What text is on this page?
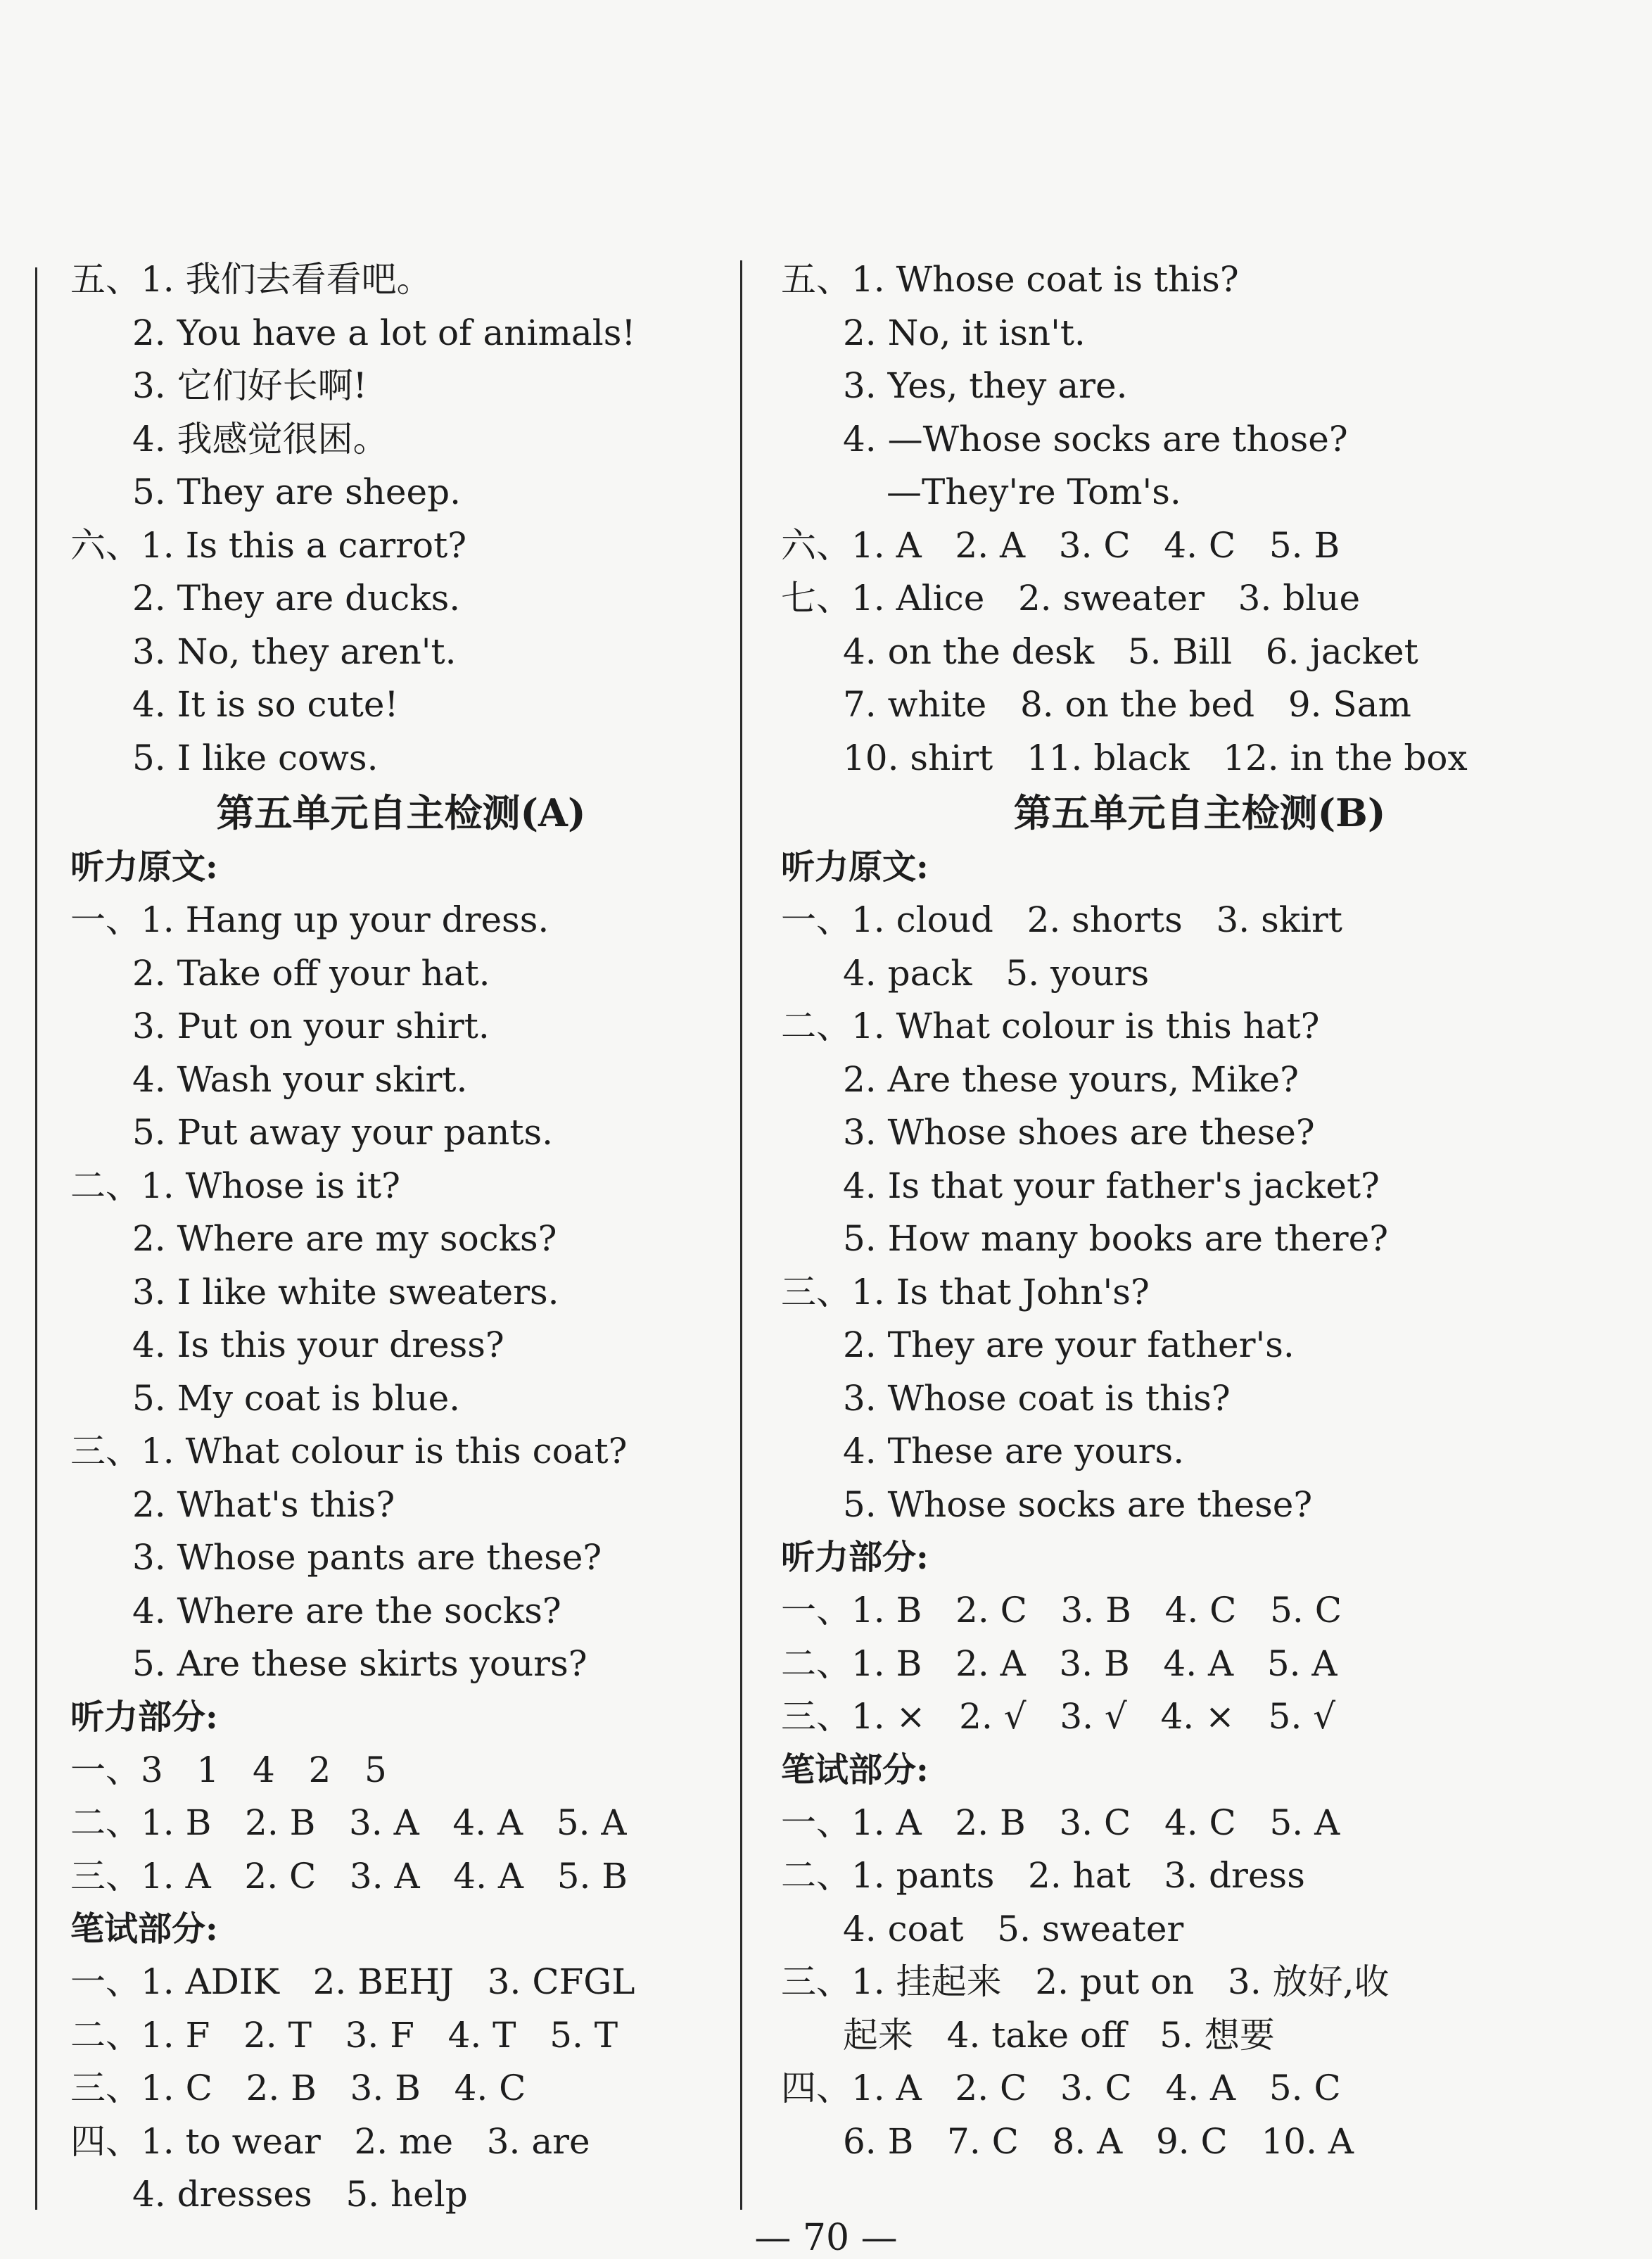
五、1. 我们去看看吧。
2. You have a lot of animals!
3. 它们好长啊!
4. 我感觉很困。
5. They are sheep.
六、1. Is this a carrot?
2. They are ducks.
3. No, they aren't.
4. It is so cute!
5. I like cows.
第五单元自主检测(A)
听力原文:
一、1. Hang up your dress.
2. Take off your hat.
3. Put on your shirt.
4. Wash your skirt.
5. Put away your pants.
二、1. Whose is it?
2. Where are my socks?
3. I like white sweaters.
4. Is this your dress?
5. My coat is blue.
三、1. What colour is this coat?
2. What's this?
3. Whose pants are these?
4. Where are the socks?
5. Are these skirts yours?
听力部分:
一、3   1   4   2   5
二、1. B   2. B   3. A   4. A   5. A
三、1. A   2. C   3. A   4. A   5. B
笔试部分:
一、1. ADIK   2. BEHJ   3. CFGL
二、1. F   2. T   3. F   4. T   5. T
三、1. C   2. B   3. B   4. C
四、1. to wear   2. me   3. are
4. dresses   5. help
五、1. Whose coat is this?
2. No, it isn't.
3. Yes, they are.
4. —Whose socks are those?
—They're Tom's.
六、1. A   2. A   3. C   4. C   5. B
七、1. Alice   2. sweater   3. blue
4. on the desk   5. Bill   6. jacket
7. white   8. on the bed   9. Sam
10. shirt   11. black   12. in the box
第五单元自主检测(B)
听力原文:
一、1. cloud   2. shorts   3. skirt
4. pack   5. yours
二、1. What colour is this hat?
2. Are these yours, Mike?
3. Whose shoes are these?
4. Is that your father's jacket?
5. How many books are there?
三、1. Is that John's?
2. They are your father's.
3. Whose coat is this?
4. These are yours.
5. Whose socks are these?
听力部分:
一、1. B   2. C   3. B   4. C   5. C
二、1. B   2. A   3. B   4. A   5. A
三、1. ×   2. √   3. √   4. ×   5. √
笔试部分:
一、1. A   2. B   3. C   4. C   5. A
二、1. pants   2. hat   3. dress
4. coat   5. sweater
三、1. 挂起来   2. put on   3. 放好,收
起来   4. take off   5. 想要
四、1. A   2. C   3. C   4. A   5. C
6. B   7. C   8. A   9. C   10. A
— 70 —
